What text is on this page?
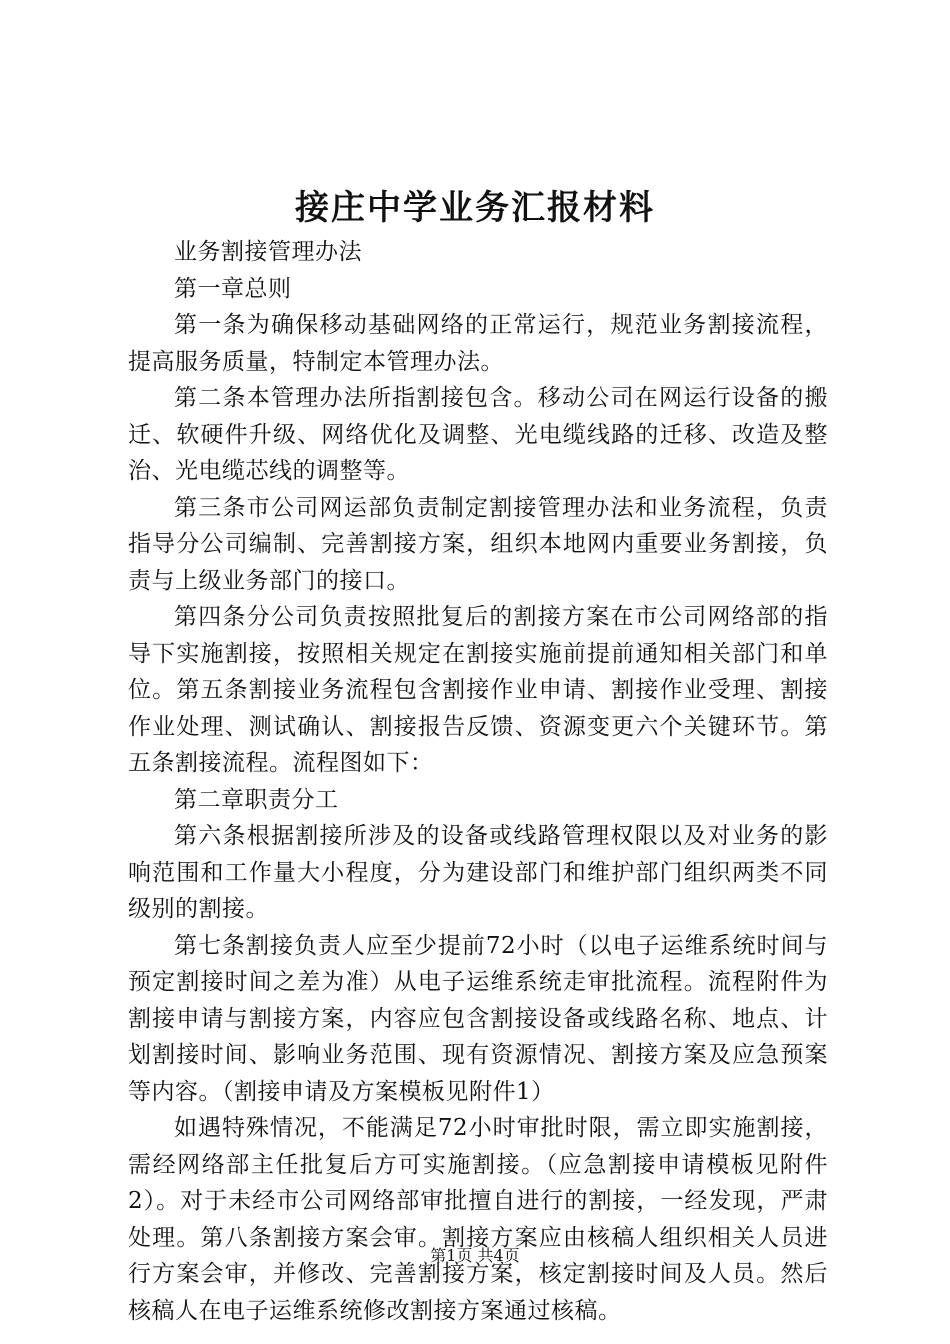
接庄中学业务汇报材料

业务割接管理办法

第一章总则

第一条为确保移动基础网络的正常运行，规范业务割接流程，提高服务质量，特制定本管理办法。

第二条本管理办法所指割接包含。移动公司在网运行设备的搬迁、软硬件升级、网络优化及调整、光电缆线路的迁移、改造及整治、光电缆芯线的调整等。

第三条市公司网运部负责制定割接管理办法和业务流程，负责指导分公司编制、完善割接方案，组织本地网内重要业务割接，负责与上级业务部门的接口。

第四条分公司负责按照批复后的割接方案在市公司网络部的指导下实施割接，按照相关规定在割接实施前提前通知相关部门和单位。第五条割接业务流程包含割接作业申请、割接作业受理、割接作业处理、测试确认、割接报告反馈、资源变更六个关键环节。第五条割接流程。流程图如下：

第二章职责分工

第六条根据割接所涉及的设备或线路管理权限以及对业务的影响范围和工作量大小程度，分为建设部门和维护部门组织两类不同级别的割接。

第七条割接负责人应至少提前72小时（以电子运维系统时间与预定割接时间之差为准）从电子运维系统走审批流程。流程附件为割接申请与割接方案，内容应包含割接设备或线路名称、地点、计划割接时间、影响业务范围、现有资源情况、割接方案及应急预案等内容。（割接申请及方案模板见附件1）

如遇特殊情况，不能满足72小时审批时限，需立即实施割接，需经网络部主任批复后方可实施割接。（应急割接申请模板见附件2）。对于未经市公司网络部审批擅自进行的割接，一经发现，严肃处理。第八条割接方案会审。割接方案应由核稿人组织相关人员进行方案会审，并修改、完善割接方案，核定割接时间及人员。然后核稿人在电子运维系统修改割接方案通过核稿。

第1页 共4页
